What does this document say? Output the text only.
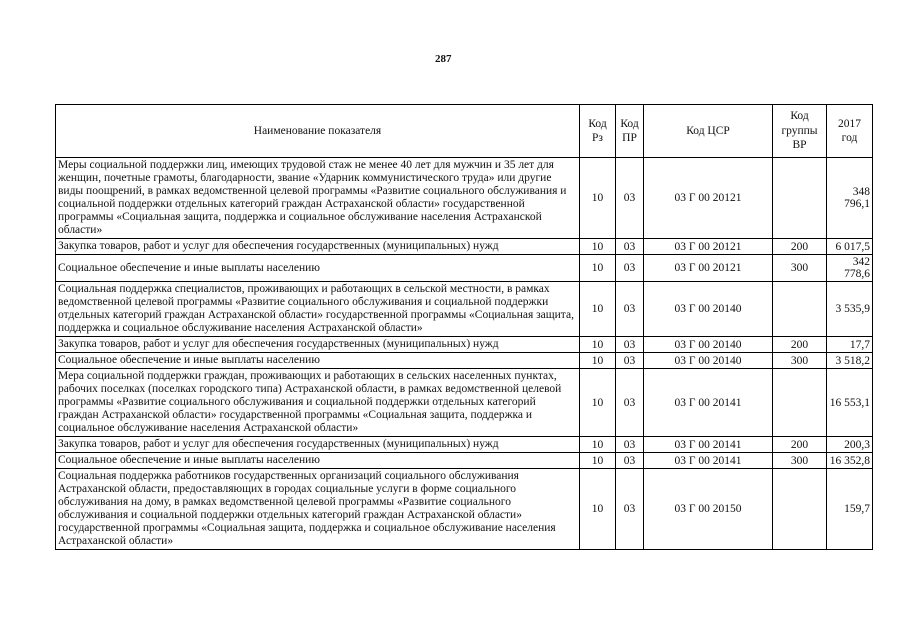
287
Наименование показателя	Код Рз	Код ПР	Код ЦСР	Код группы ВР	2017 год
Меры социальной поддержки лиц, имеющих трудовой стаж не менее 40 лет для мужчин и 35 лет для женщин, почетные грамоты, благодарности, звание «Ударник коммунистического труда» или другие виды поощрений, в рамках ведомственной целевой программы «Развитие социального обслуживания и социальной поддержки отдельных категорий граждан Астраханской области» государственной программы «Социальная защита, поддержка и социальное обслуживание населения Астраханской области»	10	03	03 Г 00 20121		348 796,1
Закупка товаров, работ и услуг для обеспечения государственных (муниципальных) нужд	10	03	03 Г 00 20121	200	6 017,5
Социальное обеспечение и иные выплаты населению	10	03	03 Г 00 20121	300	342 778,6
Социальная поддержка специалистов, проживающих и работающих в сельской местности, в рамках ведомственной целевой программы «Развитие социального обслуживания и социальной поддержки отдельных категорий граждан Астраханской области» государственной программы «Социальная защита, поддержка и социальное обслуживание населения Астраханской области»	10	03	03 Г 00 20140		3 535,9
Закупка товаров, работ и услуг для обеспечения государственных (муниципальных) нужд	10	03	03 Г 00 20140	200	17,7
Социальное обеспечение и иные выплаты населению	10	03	03 Г 00 20140	300	3 518,2
Мера социальной поддержки граждан, проживающих и работающих в сельских населенных пунктах, рабочих поселках (поселках городского типа) Астраханской области, в рамках ведомственной целевой программы «Развитие социального обслуживания и социальной поддержки отдельных категорий граждан Астраханской области» государственной программы «Социальная защита, поддержка и социальное обслуживание населения Астраханской области»	10	03	03 Г 00 20141		16 553,1
Закупка товаров, работ и услуг для обеспечения государственных (муниципальных) нужд	10	03	03 Г 00 20141	200	200,3
Социальное обеспечение и иные выплаты населению	10	03	03 Г 00 20141	300	16 352,8
Социальная поддержка работников государственных организаций социального обслуживания Астраханской области, предоставляющих в городах социальные услуги в форме социального обслуживания на дому, в рамках ведомственной целевой программы «Развитие социального обслуживания и социальной поддержки отдельных категорий граждан Астраханской области» государственной программы «Социальная защита, поддержка и социальное обслуживание населения Астраханской области»	10	03	03 Г 00 20150		159,7
